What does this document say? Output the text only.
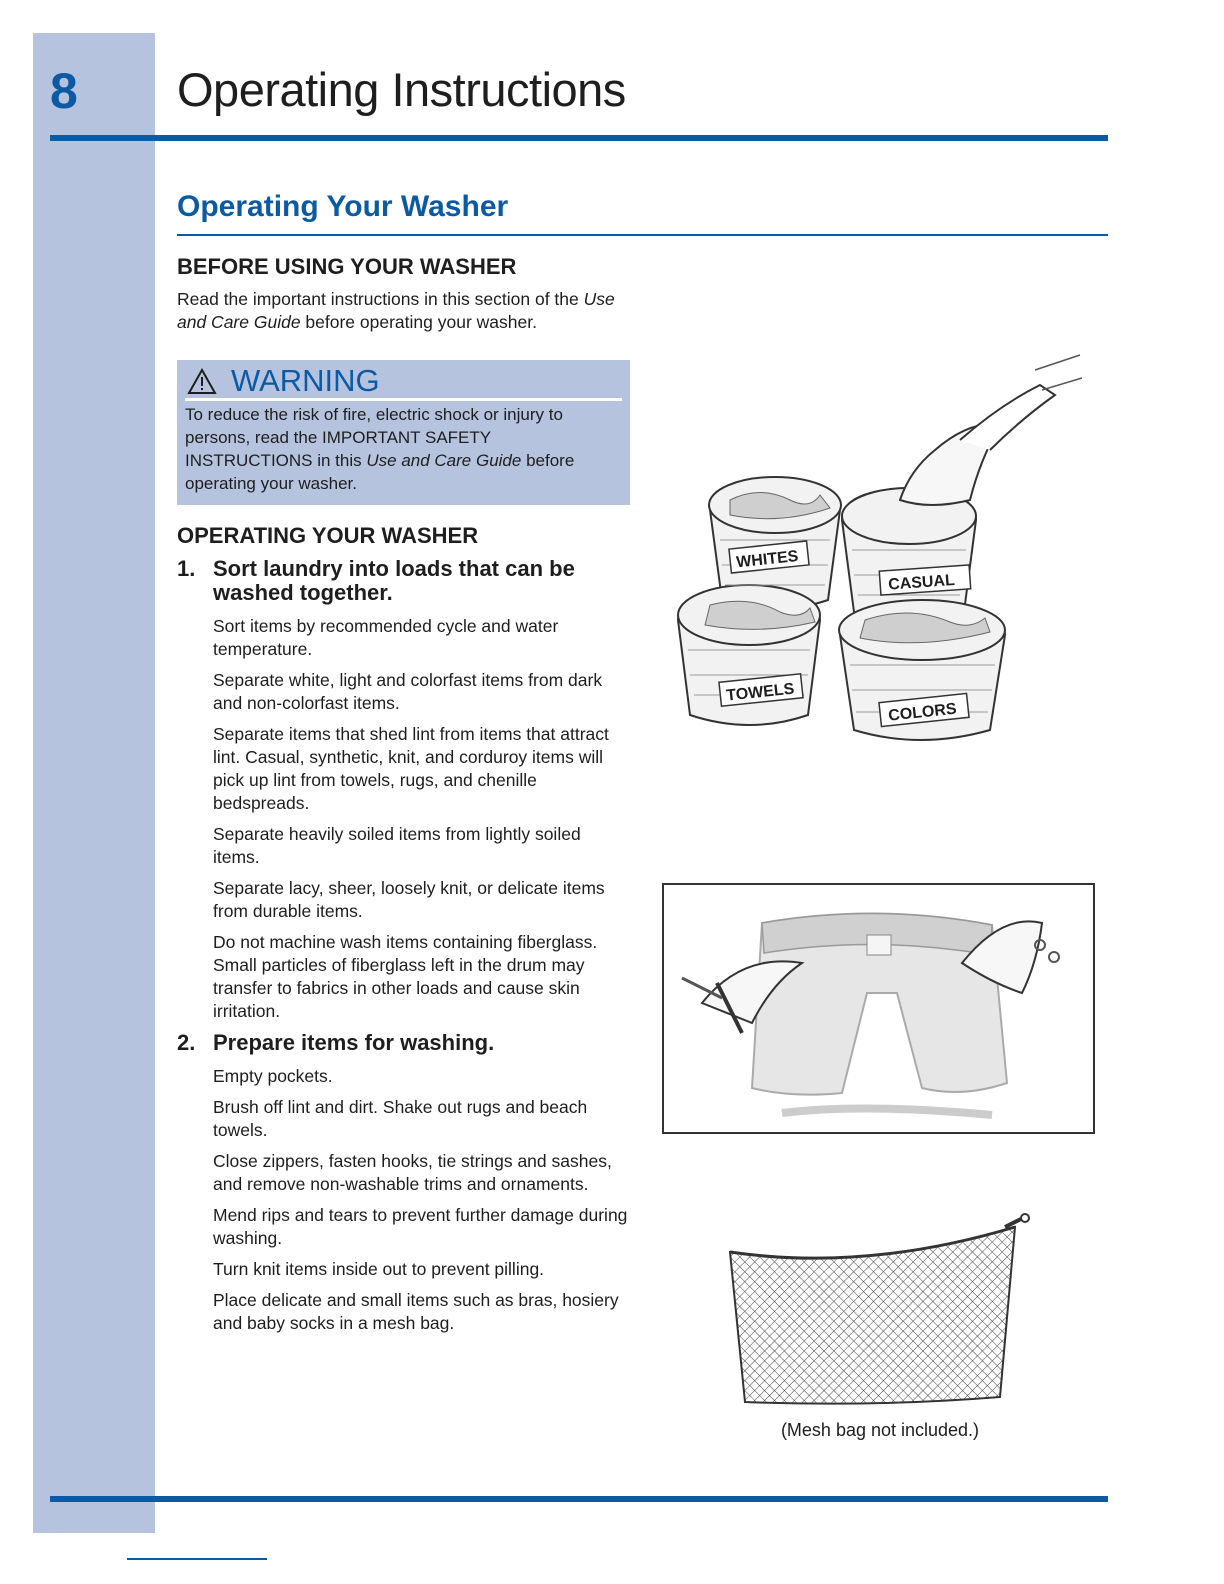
8 Operating Instructions
Operating Your Washer
BEFORE USING YOUR WASHER

Read the important instructions in this section of the Use and Care Guide before operating your washer.

WARNING
To reduce the risk of fire, electric shock or injury to persons, read the IMPORTANT SAFETY INSTRUCTIONS in this Use and Care Guide before operating your washer.
OPERATING YOUR WASHER
1. Sort laundry into loads that can be washed together.

Sort items by recommended cycle and water temperature.

Separate white, light and colorfast items from dark and non-colorfast items.

Separate items that shed lint from items that attract lint. Casual, synthetic, knit, and corduroy items will pick up lint from towels, rugs, and chenille bedspreads.

Separate heavily soiled items from lightly soiled items.

Separate lacy, sheer, loosely knit, or delicate items from durable items.

Do not machine wash items containing fiberglass. Small particles of fiberglass left in the drum may transfer to fabrics in other loads and cause skin irritation.

2. Prepare items for washing.

Empty pockets.

Brush off lint and dirt. Shake out rugs and beach towels.

Close zippers, fasten hooks, tie strings and sashes, and remove non-washable trims and ornaments.

Mend rips and tears to prevent further damage during washing.

Turn knit items inside out to prevent pilling.

Place delicate and small items such as bras, hosiery and baby socks in a mesh bag.

WHITES
CASUAL
TOWELS
COLORS
(Mesh bag not included.)
